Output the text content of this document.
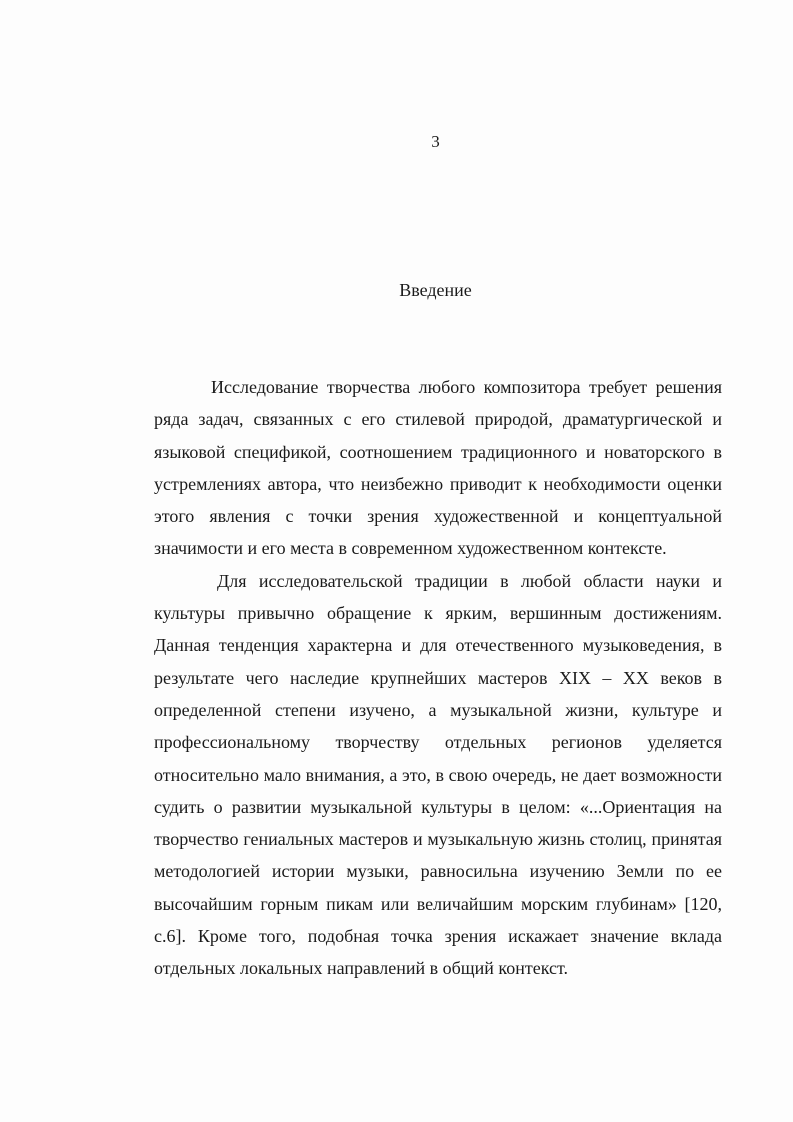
3
Введение

Исследование творчества любого композитора требует решения ряда задач, связанных с его стилевой природой, драматургической и языковой спецификой, соотношением традиционного и новаторского в устремлениях автора, что неизбежно приводит к необходимости оценки этого явления с точки зрения художественной и концептуальной значимости и его места в современном художественном контексте.

Для исследовательской традиции в любой области науки и культуры привычно обращение к ярким, вершинным достижениям. Данная тенденция характерна и для отечественного музыковедения, в результате чего наследие крупнейших мастеров XIX – XX веков в определенной степени изучено, а музыкальной жизни, культуре и профессиональному творчеству отдельных регионов уделяется относительно мало внимания, а это, в свою очередь, не дает возможности судить о развитии музыкальной культуры в целом: «...Ориентация на творчество гениальных мастеров и музыкальную жизнь столиц, принятая методологией истории музыки, равносильна изучению Земли по ее высочайшим горным пикам или величайшим морским глубинам» [120, с.6]. Кроме того, подобная точка зрения искажает значение вклада отдельных локальных направлений в общий контекст.
